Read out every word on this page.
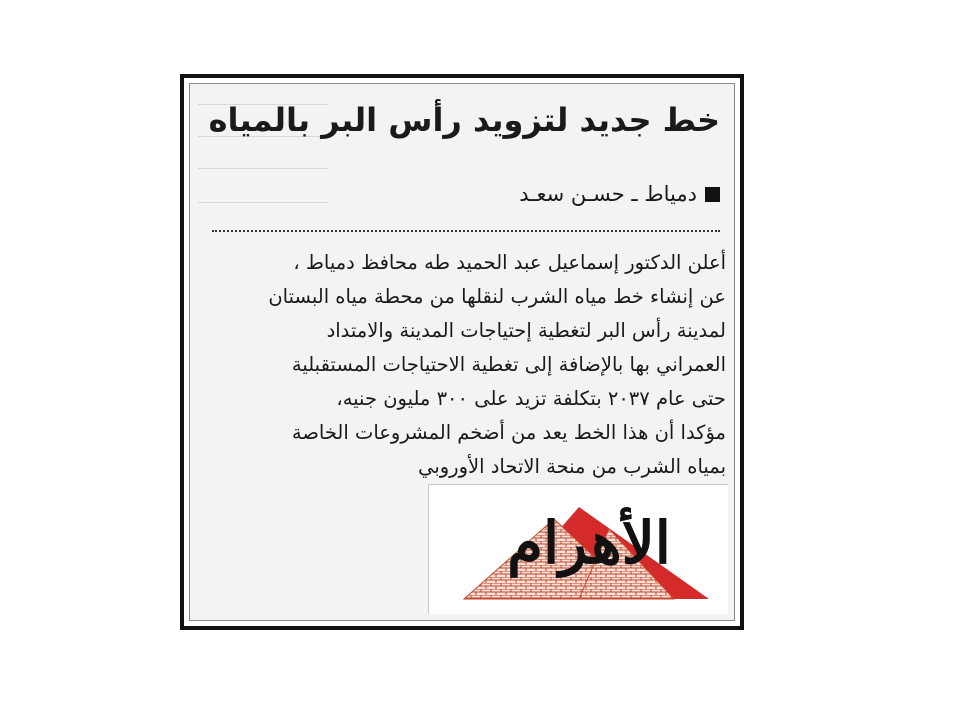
خط جديد لتزويد رأس البر بالمياه
دمياط ـ حسـن سعـد

أعلن الدكتور إسماعيل عبد الحميد طه محافظ دمياط ،

عن إنشاء خط مياه الشرب لنقلها من محطة مياه البستان

لمدينة رأس البر لتغطية إحتياجات المدينة والامتداد

العمراني بها بالإضافة إلى تغطية الاحتياجات المستقبلية

حتى عام ٢٠٣٧ بتكلفة تزيد على ٣٠٠ مليون جنيه،

مؤكدا أن هذا الخط يعد من أضخم المشروعات الخاصة

بمياه الشرب من منحة الاتحاد الأوروبي

الأهرام
